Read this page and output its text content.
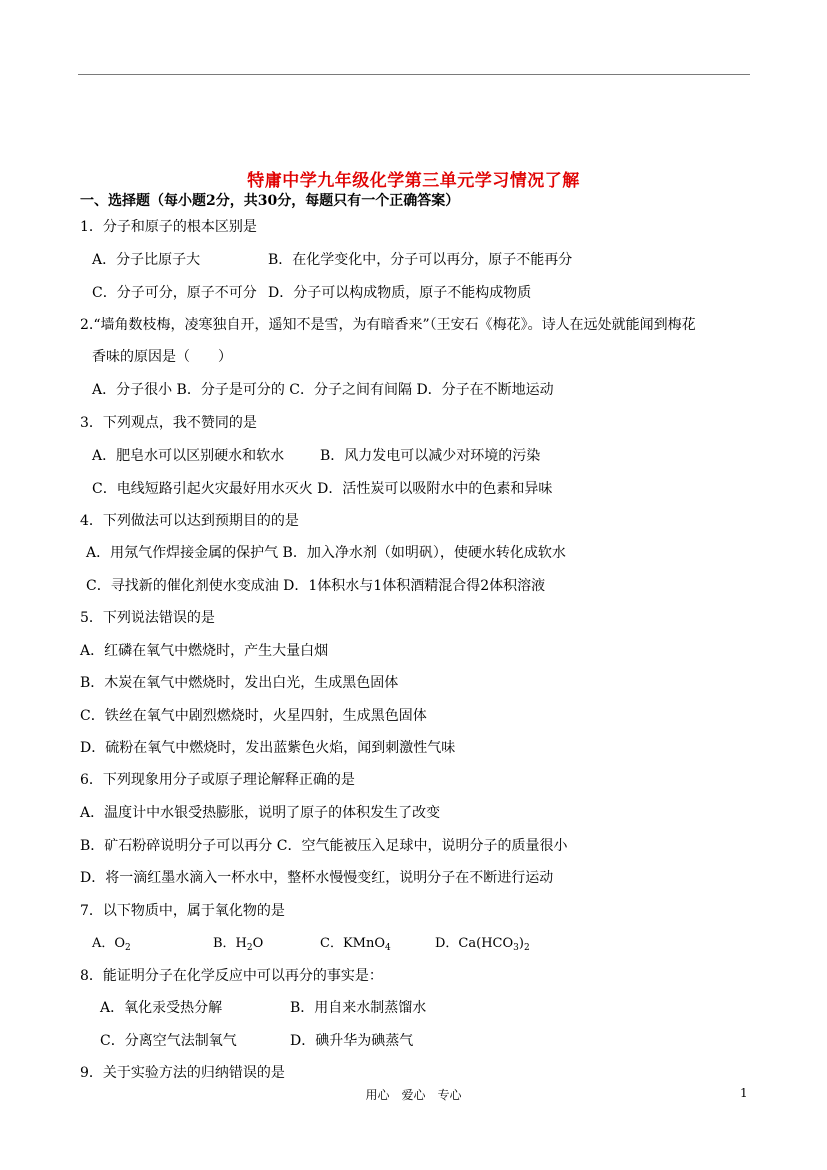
特庸中学九年级化学第三单元学习情况了解
一、选择题（每小题2分，共30分，每题只有一个正确答案）
1．分子和原子的根本区别是
A．分子比原子大	B．在化学变化中，分子可以再分，原子不能再分
C．分子可分，原子不可分 D．分子可以构成物质，原子不能构成物质
2.“墙角数枝梅，凌寒独自开，遥知不是雪，为有暗香来”（王安石《梅花》。诗人在远处就能闻到梅花
香味的原因是（　　）
A．分子很小 B．分子是可分的 C．分子之间有间隔 D．分子在不断地运动
3．下列观点，我不赞同的是
A．肥皂水可以区别硬水和软水	B．风力发电可以减少对环境的污染
C．电线短路引起火灾最好用水灭火 D．活性炭可以吸附水中的色素和异味
4．下列做法可以达到预期目的的是
A．用氖气作焊接金属的保护气 B．加入净水剂（如明矾），使硬水转化成软水
C．寻找新的催化剂使水变成油 D．1体积水与1体积酒精混合得2体积溶液
5．下列说法错误的是
A．红磷在氧气中燃烧时，产生大量白烟
B．木炭在氧气中燃烧时，发出白光，生成黑色固体
C．铁丝在氧气中剧烈燃烧时，火星四射，生成黑色固体
D．硫粉在氧气中燃烧时，发出蓝紫色火焰，闻到刺激性气味
6．下列现象用分子或原子理论解释正确的是
A．温度计中水银受热膨胀，说明了原子的体积发生了改变
B．矿石粉碎说明分子可以再分 C．空气能被压入足球中，说明分子的质量很小
D．将一滴红墨水滴入一杯水中，整杯水慢慢变红，说明分子在不断进行运动
7．以下物质中，属于氧化物的是
A．$O_2$	B．$H_2O$	C．KMnO$_4$	D．$Ca(HCO_3)_2$
8．能证明分子在化学反应中可以再分的事实是：
A．氧化汞受热分解	B．用自来水制蒸馏水
C．分离空气法制氧气	D．碘升华为碘蒸气
9．关于实验方法的归纳错误的是
用心　爱心　专心	1
